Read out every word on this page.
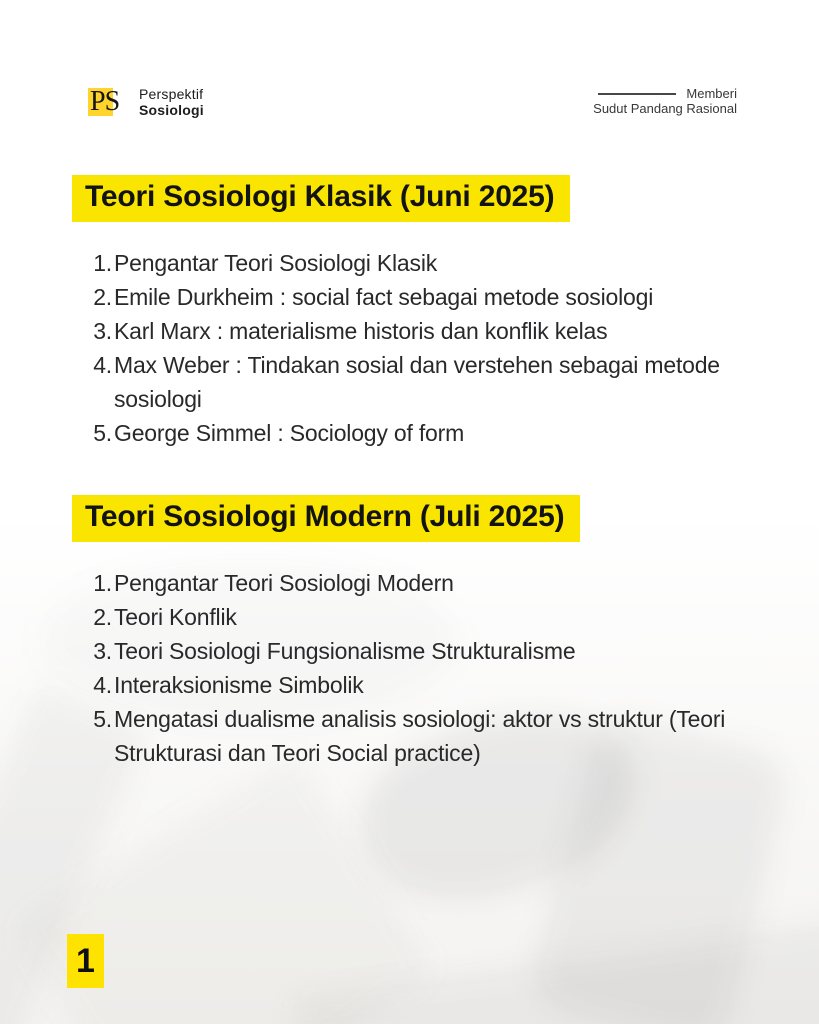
PS	Perspektif
Sosiologi
Memberi
Sudut Pandang Rasional
Teori Sosiologi Klasik (Juni 2025)
1. Pengantar Teori Sosiologi Klasik
2. Emile Durkheim : social fact sebagai metode sosiologi
3. Karl Marx : materialisme historis dan konflik kelas
4. Max Weber : Tindakan sosial dan verstehen sebagai metode sosiologi
5. George Simmel : Sociology of form

Teori Sosiologi Modern (Juli 2025)
1. Pengantar Teori Sosiologi Modern
2. Teori Konflik
3. Teori Sosiologi Fungsionalisme Strukturalisme
4. Interaksionisme Simbolik
5. Mengatasi dualisme analisis sosiologi: aktor vs struktur (Teori Strukturasi dan Teori Social practice)
1
